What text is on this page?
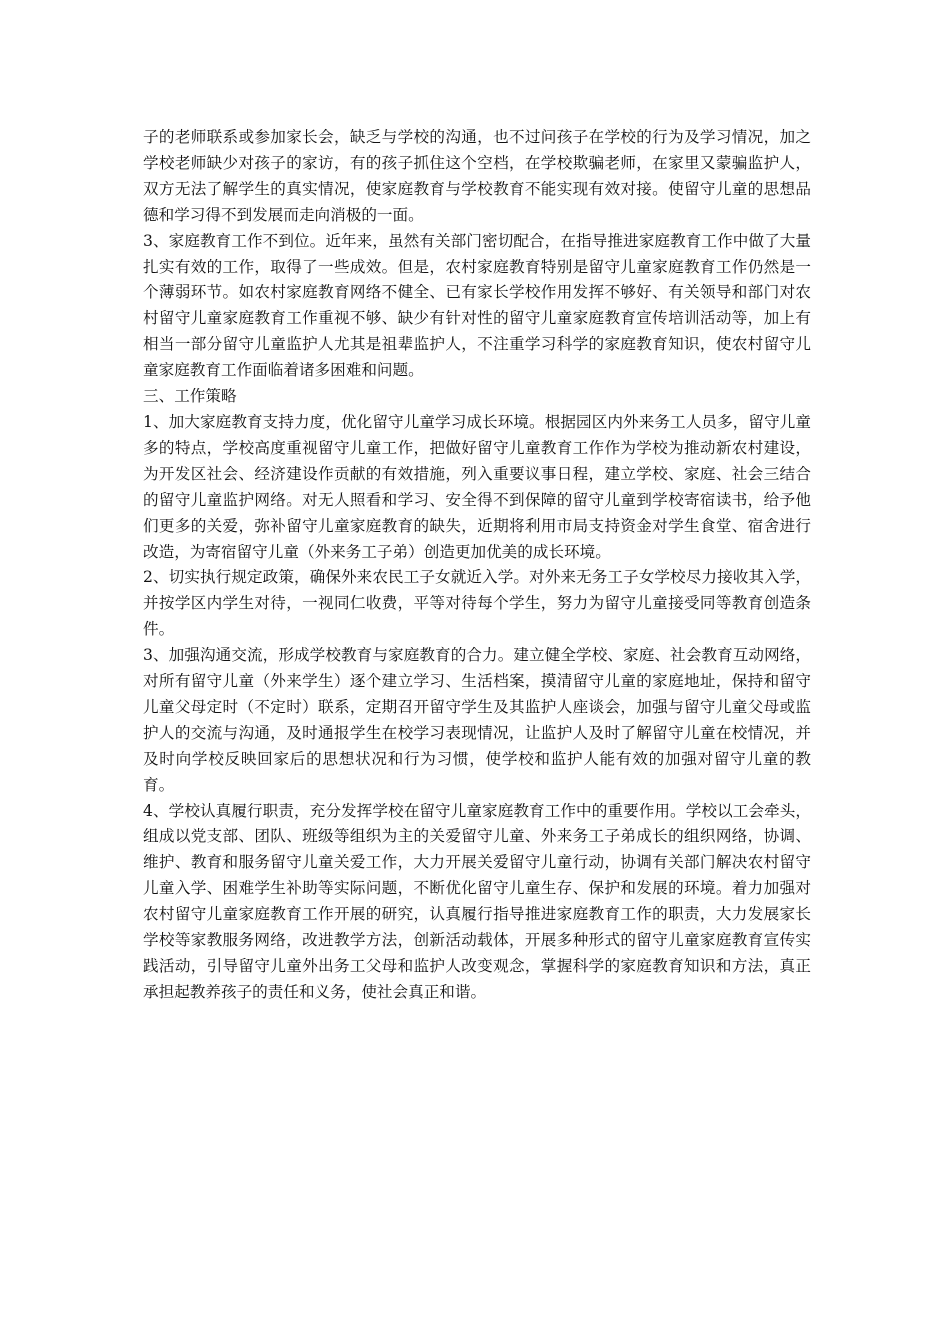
子的老师联系或参加家长会，缺乏与学校的沟通，也不过问孩子在学校的行为及学习情况，加之学校老师缺少对孩子的家访，有的孩子抓住这个空档，在学校欺骗老师，在家里又蒙骗监护人，双方无法了解学生的真实情况，使家庭教育与学校教育不能实现有效对接。使留守儿童的思想品德和学习得不到发展而走向消极的一面。

3、家庭教育工作不到位。近年来，虽然有关部门密切配合，在指导推进家庭教育工作中做了大量扎实有效的工作，取得了一些成效。但是，农村家庭教育特别是留守儿童家庭教育工作仍然是一个薄弱环节。如农村家庭教育网络不健全、已有家长学校作用发挥不够好、有关领导和部门对农村留守儿童家庭教育工作重视不够、缺少有针对性的留守儿童家庭教育宣传培训活动等，加上有相当一部分留守儿童监护人尤其是祖辈监护人，不注重学习科学的家庭教育知识，使农村留守儿童家庭教育工作面临着诸多困难和问题。

三、工作策略

1、加大家庭教育支持力度，优化留守儿童学习成长环境。根据园区内外来务工人员多，留守儿童多的特点，学校高度重视留守儿童工作，把做好留守儿童教育工作作为学校为推动新农村建设，为开发区社会、经济建设作贡献的有效措施，列入重要议事日程，建立学校、家庭、社会三结合的留守儿童监护网络。对无人照看和学习、安全得不到保障的留守儿童到学校寄宿读书，给予他们更多的关爱，弥补留守儿童家庭教育的缺失，近期将利用市局支持资金对学生食堂、宿舍进行改造，为寄宿留守儿童（外来务工子弟）创造更加优美的成长环境。

2、切实执行规定政策，确保外来农民工子女就近入学。对外来无务工子女学校尽力接收其入学，并按学区内学生对待，一视同仁收费，平等对待每个学生，努力为留守儿童接受同等教育创造条件。

3、加强沟通交流，形成学校教育与家庭教育的合力。建立健全学校、家庭、社会教育互动网络，对所有留守儿童（外来学生）逐个建立学习、生活档案，摸清留守儿童的家庭地址，保持和留守儿童父母定时（不定时）联系，定期召开留守学生及其监护人座谈会，加强与留守儿童父母或监护人的交流与沟通，及时通报学生在校学习表现情况，让监护人及时了解留守儿童在校情况，并及时向学校反映回家后的思想状况和行为习惯，使学校和监护人能有效的加强对留守儿童的教育。

4、学校认真履行职责，充分发挥学校在留守儿童家庭教育工作中的重要作用。学校以工会牵头，组成以党支部、团队、班级等组织为主的关爱留守儿童、外来务工子弟成长的组织网络，协调、维护、教育和服务留守儿童关爱工作，大力开展关爱留守儿童行动，协调有关部门解决农村留守儿童入学、困难学生补助等实际问题，不断优化留守儿童生存、保护和发展的环境。着力加强对农村留守儿童家庭教育工作开展的研究，认真履行指导推进家庭教育工作的职责，大力发展家长学校等家教服务网络，改进教学方法，创新活动载体，开展多种形式的留守儿童家庭教育宣传实践活动，引导留守儿童外出务工父母和监护人改变观念，掌握科学的家庭教育知识和方法，真正承担起教养孩子的责任和义务，使社会真正和谐。
